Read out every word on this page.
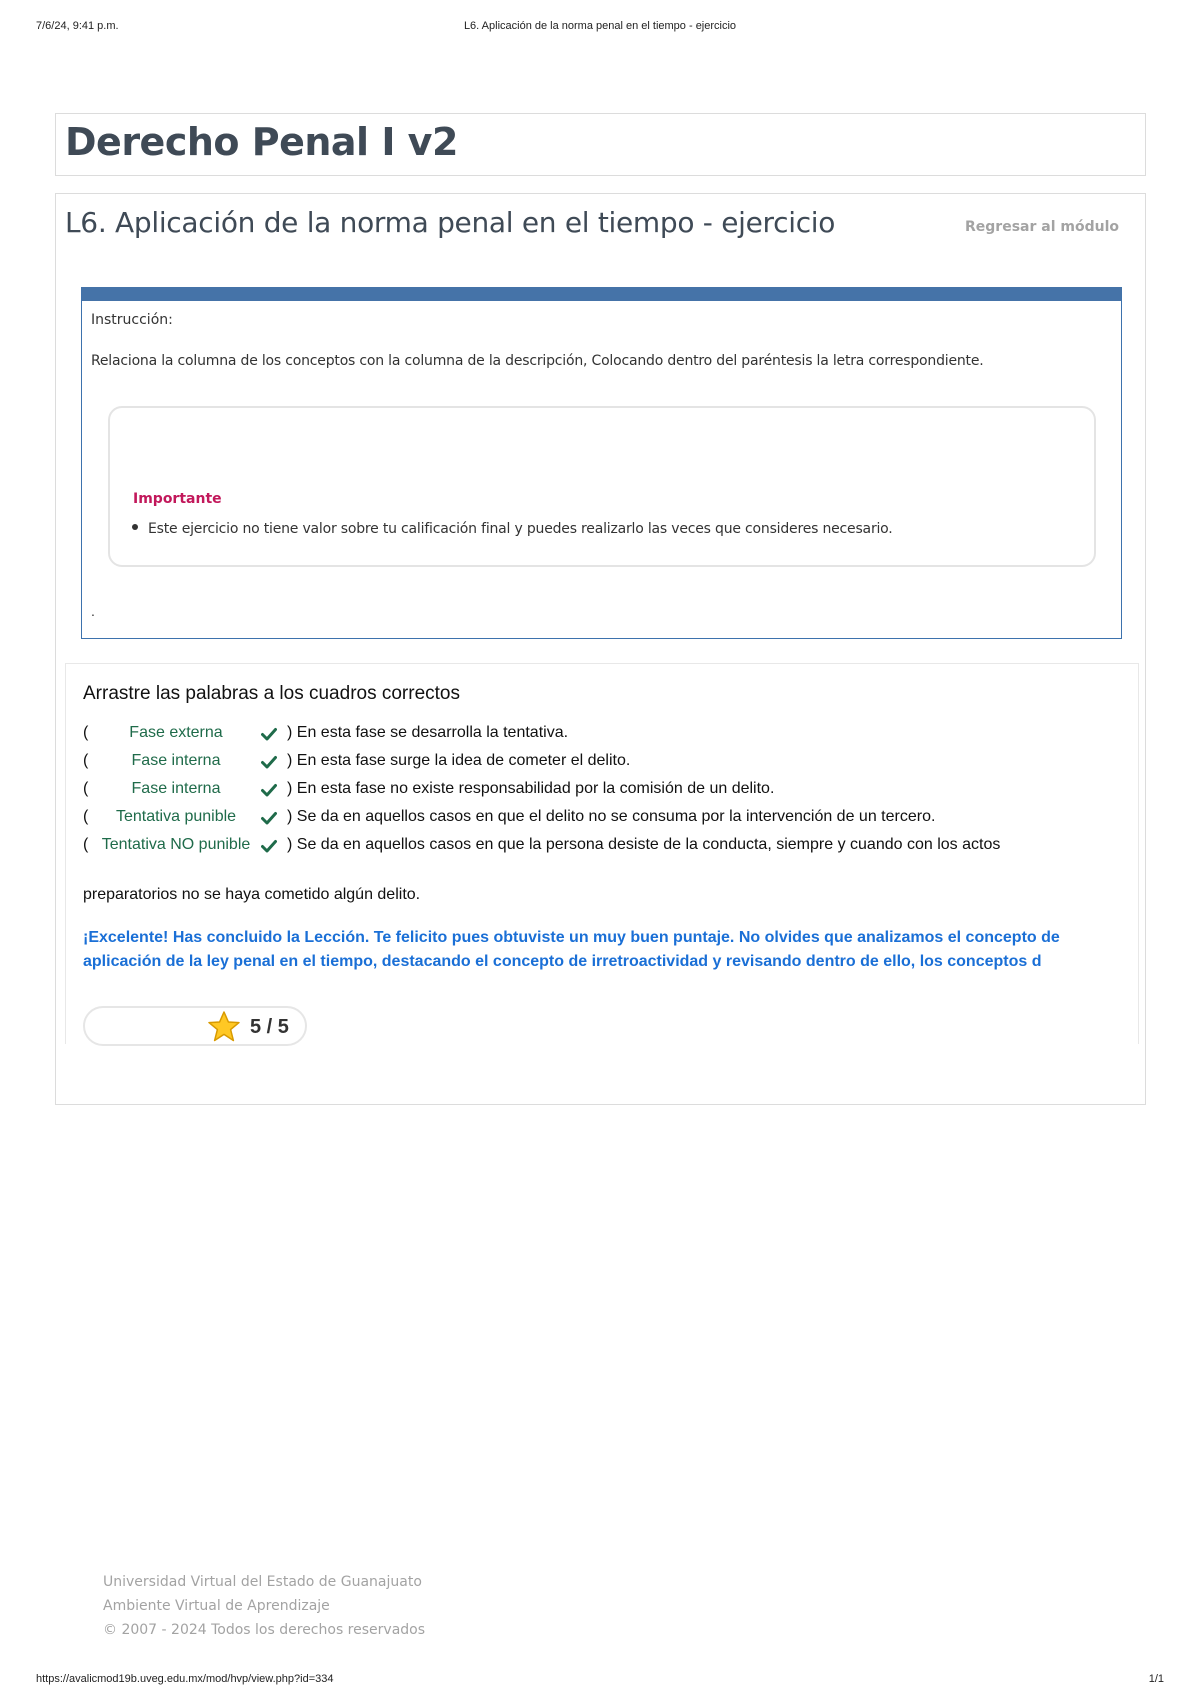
7/6/24, 9:41 p.m.	L6. Aplicación de la norma penal en el tiempo - ejercicio
Derecho Penal I v2
L6. Aplicación de la norma penal en el tiempo - ejercicio	Regresar al módulo
Instrucción:
Relaciona la columna de los conceptos con la columna de la descripción, Colocando dentro del paréntesis la letra correspondiente.
Importante
Este ejercicio no tiene valor sobre tu calificación final y puedes realizarlo las veces que consideres necesario.
.
Arrastre las palabras a los cuadros correctos
(	Fase externa	) En esta fase se desarrolla la tentativa.
(	Fase interna	) En esta fase surge la idea de cometer el delito.
(	Fase interna	) En esta fase no existe responsabilidad por la comisión de un delito.
(	Tentativa punible	) Se da en aquellos casos en que el delito no se consuma por la intervención de un tercero.
( Tentativa NO punible	) Se da en aquellos casos en que la persona desiste de la conducta, siempre y cuando con los actos
preparatorios no se haya cometido algún delito.
¡Excelente! Has concluido la Lección. Te felicito pues obtuviste un muy buen puntaje. No olvides que analizamos el concepto de aplicación de la ley penal en el tiempo, destacando el concepto de irretroactividad y revisando dentro de ello, los conceptos d
5 / 5
Universidad Virtual del Estado de Guanajuato
Ambiente Virtual de Aprendizaje
© 2007 - 2024 Todos los derechos reservados
https://avalicmod19b.uveg.edu.mx/mod/hvp/view.php?id=334	1/1
